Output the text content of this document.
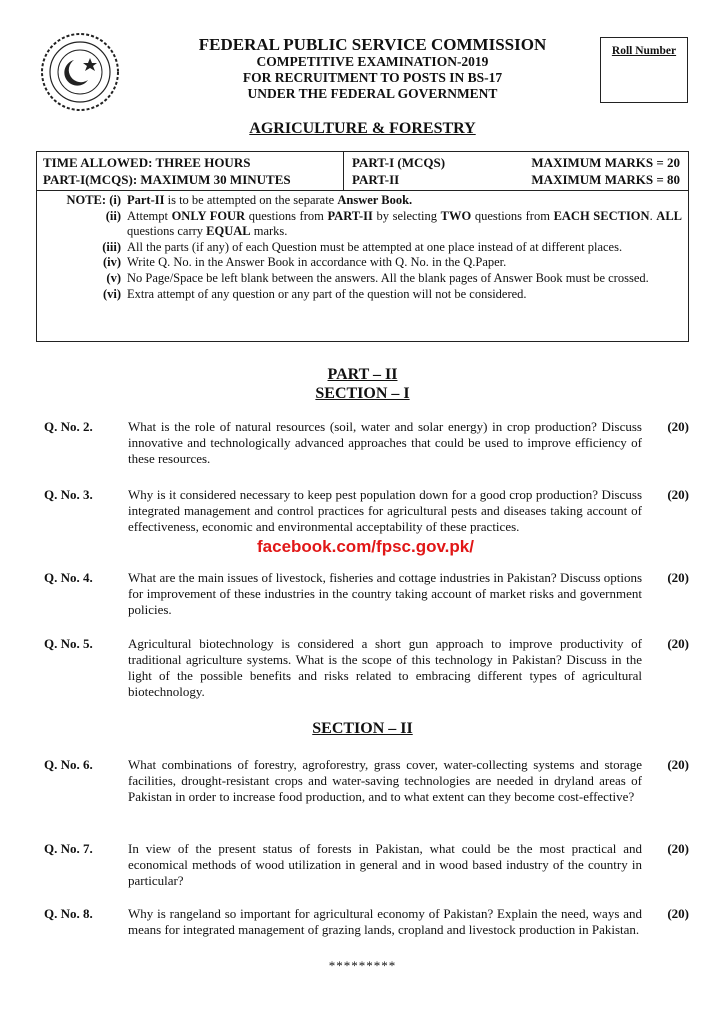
FEDERAL PUBLIC SERVICE COMMISSION
COMPETITIVE EXAMINATION-2019
FOR RECRUITMENT TO POSTS IN BS-17
UNDER THE FEDERAL GOVERNMENT
Roll Number
AGRICULTURE & FORESTRY
TIME ALLOWED: THREE HOURS
PART-I(MCQS): MAXIMUM 30 MINUTES
PART-I (MCQS)	MAXIMUM MARKS = 20
PART-II	MAXIMUM MARKS = 80
NOTE: (i) Part-II is to be attempted on the separate Answer Book.
(ii) Attempt ONLY FOUR questions from PART-II by selecting TWO questions from EACH SECTION. ALL questions carry EQUAL marks.
(iii) All the parts (if any) of each Question must be attempted at one place instead of at different places.
(iv) Write Q. No. in the Answer Book in accordance with Q. No. in the Q.Paper.
(v) No Page/Space be left blank between the answers. All the blank pages of Answer Book must be crossed.
(vi) Extra attempt of any question or any part of the question will not be considered.
PART – II
SECTION – I
Q. No. 2.	What is the role of natural resources (soil, water and solar energy) in crop production? Discuss innovative and technologically advanced approaches that could be used to improve efficiency of these resources.
(20)
Q. No. 3.	Why is it considered necessary to keep pest population down for a good crop production? Discuss integrated management and control practices for agricultural pests and diseases taking account of effectiveness, economic and environmental acceptability of these practices.
(20)
facebook.com/fpsc.gov.pk/
Q. No. 4.	What are the main issues of livestock, fisheries and cottage industries in Pakistan? Discuss options for improvement of these industries in the country taking account of market risks and government policies.
(20)
Q. No. 5.	Agricultural biotechnology is considered a short gun approach to improve productivity of traditional agriculture systems. What is the scope of this technology in Pakistan? Discuss in the light of the possible benefits and risks related to embracing different types of agricultural biotechnology.
(20)
SECTION – II
Q. No. 6.	What combinations of forestry, agroforestry, grass cover, water-collecting systems and storage facilities, drought-resistant crops and water-saving technologies are needed in dryland areas of Pakistan in order to increase food production, and to what extent can they become cost-effective?
(20)
Q. No. 7.	In view of the present status of forests in Pakistan, what could be the most practical and economical methods of wood utilization in general and in wood based industry of the country in particular?
(20)
Q. No. 8.	Why is rangeland so important for agricultural economy of Pakistan? Explain the need, ways and means for integrated management of grazing lands, cropland and livestock production in Pakistan.
(20)
*********
